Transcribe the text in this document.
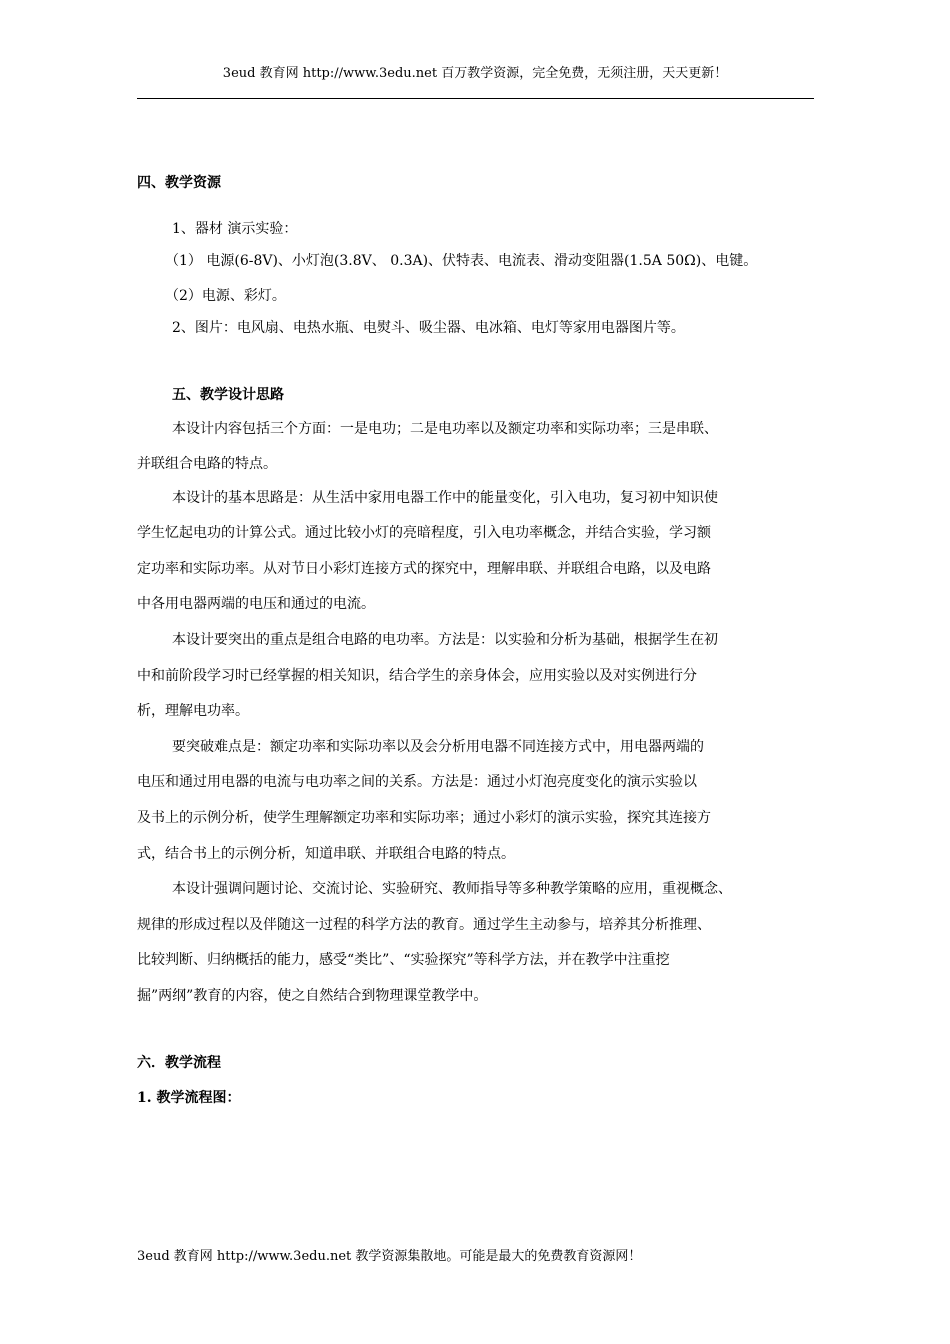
3eud 教育网 http://www.3edu.net 百万教学资源，完全免费，无须注册，天天更新！
四、教学资源
1、器材 演示实验：
（1） 电源(6-8V)、小灯泡(3.8V、 0.3A)、伏特表、电流表、滑动变阻器(1.5A 50Ω)、电键。
（2）电源、彩灯。
2、图片：电风扇、电热水瓶、电熨斗、吸尘器、电冰箱、电灯等家用电器图片等。
五、教学设计思路
本设计内容包括三个方面：一是电功；二是电功率以及额定功率和实际功率；三是串联、
并联组合电路的特点。
本设计的基本思路是：从生活中家用电器工作中的能量变化，引入电功，复习初中知识使
学生忆起电功的计算公式。通过比较小灯的亮暗程度，引入电功率概念，并结合实验，学习额
定功率和实际功率。从对节日小彩灯连接方式的探究中，理解串联、并联组合电路，以及电路
中各用电器两端的电压和通过的电流。
本设计要突出的重点是组合电路的电功率。方法是：以实验和分析为基础，根据学生在初
中和前阶段学习时已经掌握的相关知识，结合学生的亲身体会，应用实验以及对实例进行分
析，理解电功率。
要突破难点是：额定功率和实际功率以及会分析用电器不同连接方式中，用电器两端的
电压和通过用电器的电流与电功率之间的关系。方法是：通过小灯泡亮度变化的演示实验以
及书上的示例分析，使学生理解额定功率和实际功率；通过小彩灯的演示实验，探究其连接方
式，结合书上的示例分析，知道串联、并联组合电路的特点。
本设计强调问题讨论、交流讨论、实验研究、教师指导等多种教学策略的应用，重视概念、
规律的形成过程以及伴随这一过程的科学方法的教育。通过学生主动参与，培养其分析推理、
比较判断、归纳概括的能力，感受“类比”、“实验探究”等科学方法，并在教学中注重挖
掘”两纲”教育的内容，使之自然结合到物理课堂教学中。
六．教学流程
1. 教学流程图：
3eud 教育网 http://www.3edu.net 教学资源集散地。可能是最大的免费教育资源网！
